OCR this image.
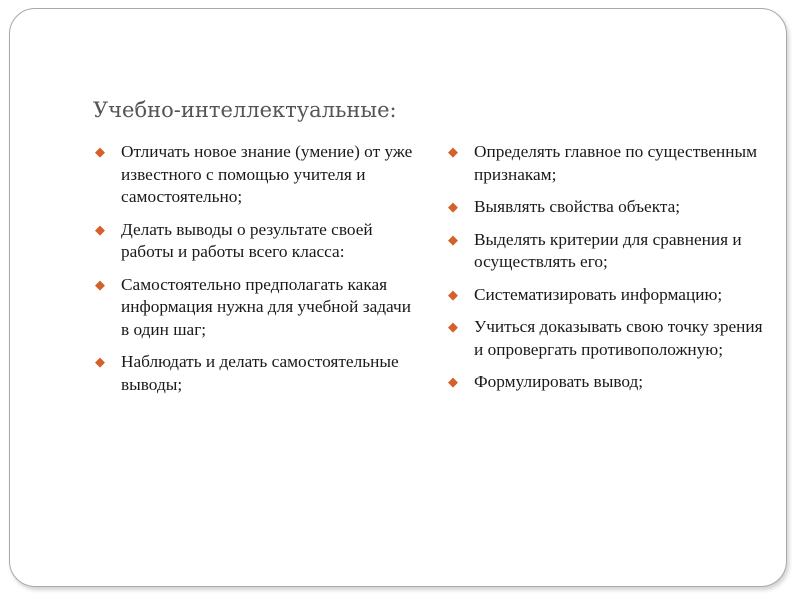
Учебно-интеллектуальные:
◆ Отличать новое знание (умение) от уже известного с помощью учителя и самостоятельно;
◆ Делать выводы о результате своей работы и работы всего класса:
◆ Самостоятельно предполагать какая информация нужна для учебной задачи в один шаг;
◆ Наблюдать и делать самостоятельные выводы;
◆ Определять главное по существенным признакам;
◆ Выявлять свойства объекта;
◆ Выделять критерии для сравнения и осуществлять его;
◆ Систематизировать информацию;
◆ Учиться доказывать свою точку зрения и опровергать противоположную;
◆ Формулировать вывод;
